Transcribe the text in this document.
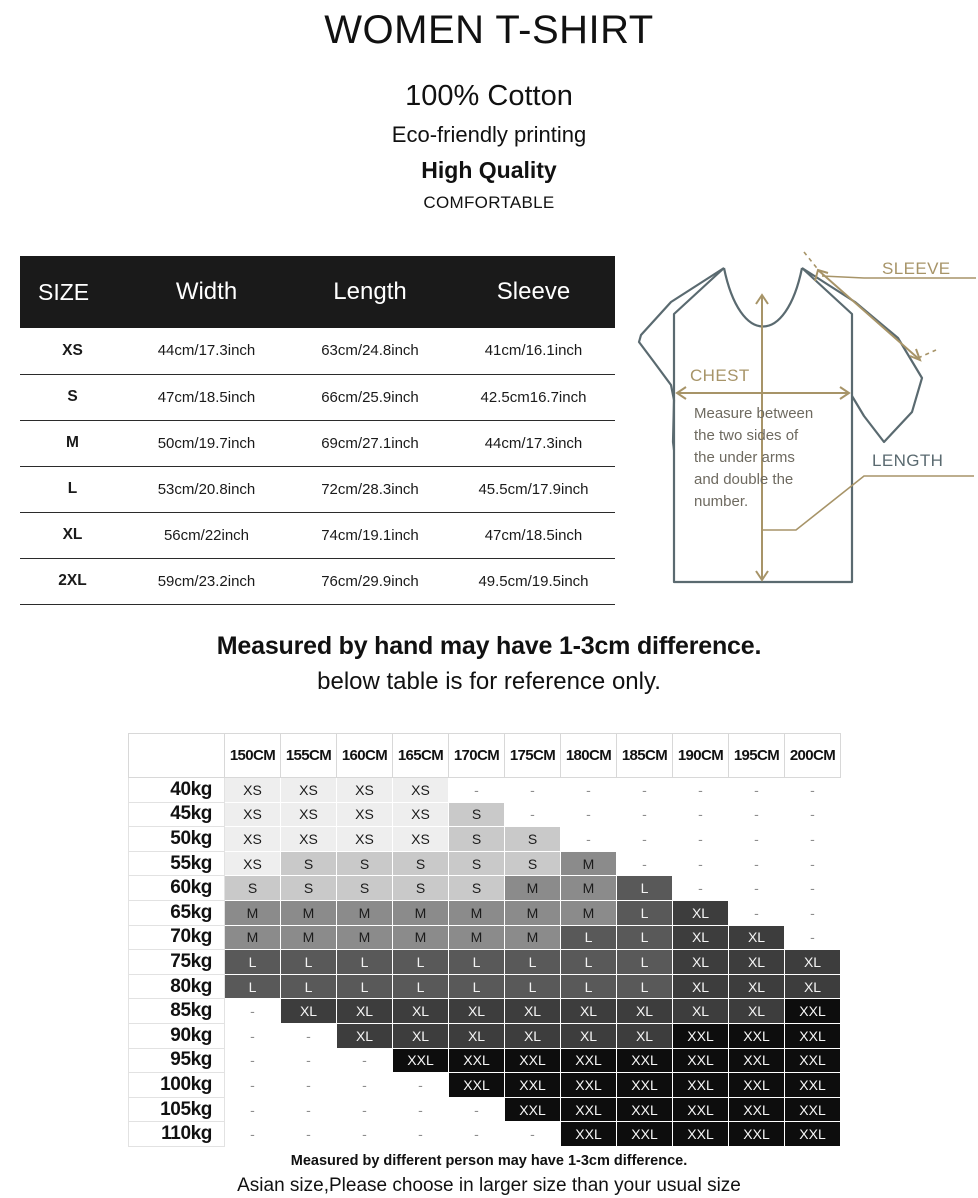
WOMEN T-SHIRT
100% Cotton
Eco-friendly printing
High Quality
COMFORTABLE
SIZE	Width	Length	Sleeve
XS	44cm/17.3inch	63cm/24.8inch	41cm/16.1inch
S	47cm/18.5inch	66cm/25.9inch	42.5cm16.7inch
M	50cm/19.7inch	69cm/27.1inch	44cm/17.3inch
L	53cm/20.8inch	72cm/28.3inch	45.5cm/17.9inch
XL	56cm/22inch	74cm/19.1inch	47cm/18.5inch
2XL	59cm/23.2inch	76cm/29.9inch	49.5cm/19.5inch
SLEEVE
CHEST
LENGTH
Measure between
the two sides of
the under arms
and double the
number.
Measured by hand may have 1-3cm difference.
below table is for reference only.
	150CM	155CM	160CM	165CM	170CM	175CM	180CM	185CM	190CM	195CM	200CM
40kg	XS	XS	XS	XS	-	-	-	-	-	-	-
45kg	XS	XS	XS	XS	S	-	-	-	-	-	-
50kg	XS	XS	XS	XS	S	S	-	-	-	-	-
55kg	XS	S	S	S	S	S	M	-	-	-	-
60kg	S	S	S	S	S	M	M	L	-	-	-
65kg	M	M	M	M	M	M	M	L	XL	-	-
70kg	M	M	M	M	M	M	L	L	XL	XL	-
75kg	L	L	L	L	L	L	L	L	XL	XL	XL
80kg	L	L	L	L	L	L	L	L	XL	XL	XL
85kg	-	XL	XL	XL	XL	XL	XL	XL	XL	XL	XXL
90kg	-	-	XL	XL	XL	XL	XL	XL	XXL	XXL	XXL
95kg	-	-	-	XXL	XXL	XXL	XXL	XXL	XXL	XXL	XXL
100kg	-	-	-	-	XXL	XXL	XXL	XXL	XXL	XXL	XXL
105kg	-	-	-	-	-	XXL	XXL	XXL	XXL	XXL	XXL
110kg	-	-	-	-	-	-	XXL	XXL	XXL	XXL	XXL
Measured by different person may have 1-3cm difference.
Asian size,Please choose in larger size than your usual size
